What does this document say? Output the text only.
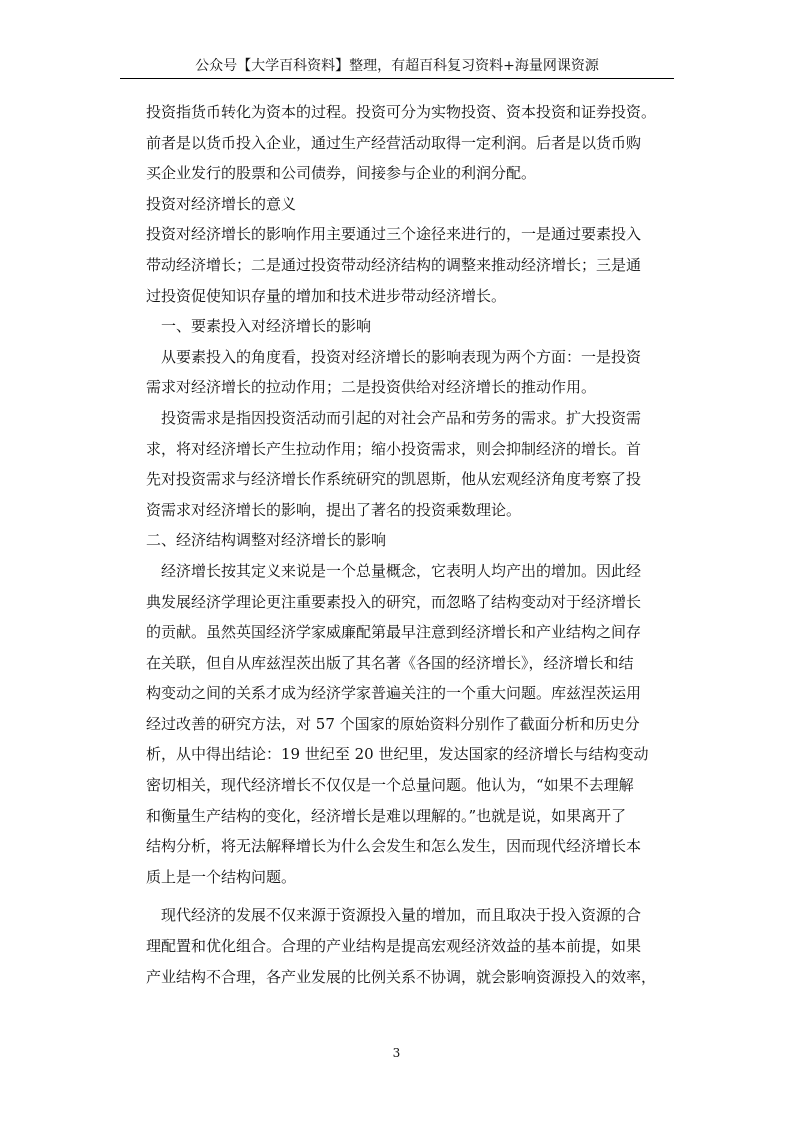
公众号【大学百科资料】整理，有超百科复习资料+海量网课资源

投资指货币转化为资本的过程。投资可分为实物投资、资本投资和证券投资。

前者是以货币投入企业，通过生产经营活动取得一定利润。后者是以货币购

买企业发行的股票和公司债券，间接参与企业的利润分配。

投资对经济增长的意义

投资对经济增长的影响作用主要通过三个途径来进行的，一是通过要素投入

带动经济增长；二是通过投资带动经济结构的调整来推动经济增长；三是通

过投资促使知识存量的增加和技术进步带动经济增长。

　一、要素投入对经济增长的影响

　从要素投入的角度看，投资对经济增长的影响表现为两个方面：一是投资

需求对经济增长的拉动作用；二是投资供给对经济增长的推动作用。

　投资需求是指因投资活动而引起的对社会产品和劳务的需求。扩大投资需

求，将对经济增长产生拉动作用；缩小投资需求，则会抑制经济的增长。首

先对投资需求与经济增长作系统研究的凯恩斯，他从宏观经济角度考察了投

资需求对经济增长的影响，提出了著名的投资乘数理论。

二、经济结构调整对经济增长的影响

　经济增长按其定义来说是一个总量概念，它表明人均产出的增加。因此经

典发展经济学理论更注重要素投入的研究，而忽略了结构变动对于经济增长

的贡献。虽然英国经济学家威廉配第最早注意到经济增长和产业结构之间存

在关联，但自从库兹涅茨出版了其名著《各国的经济增长》，经济增长和结

构变动之间的关系才成为经济学家普遍关注的一个重大问题。库兹涅茨运用

经过改善的研究方法，对 57 个国家的原始资料分别作了截面分析和历史分

析，从中得出结论：19 世纪至 20 世纪里，发达国家的经济增长与结构变动

密切相关，现代经济增长不仅仅是一个总量问题。他认为，“如果不去理解

和衡量生产结构的变化，经济增长是难以理解的。”也就是说，如果离开了

结构分析，将无法解释增长为什么会发生和怎么发生，因而现代经济增长本

质上是一个结构问题。

　现代经济的发展不仅来源于资源投入量的增加，而且取决于投入资源的合

理配置和优化组合。合理的产业结构是提高宏观经济效益的基本前提，如果

产业结构不合理，各产业发展的比例关系不协调，就会影响资源投入的效率，

3
